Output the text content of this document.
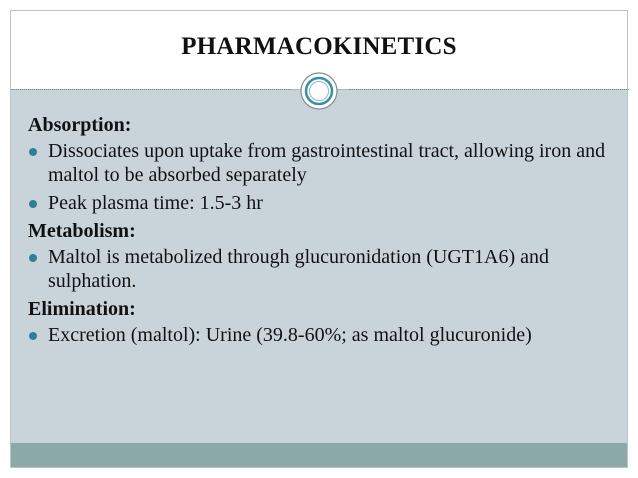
PHARMACOKINETICS
Absorption:
Dissociates upon uptake from gastrointestinal tract, allowing iron and maltol to be absorbed separately
Peak plasma time: 1.5-3 hr
Metabolism:
Maltol is metabolized through glucuronidation (UGT1A6) and sulphation.
Elimination:
Excretion (maltol): Urine (39.8-60%; as maltol glucuronide)
